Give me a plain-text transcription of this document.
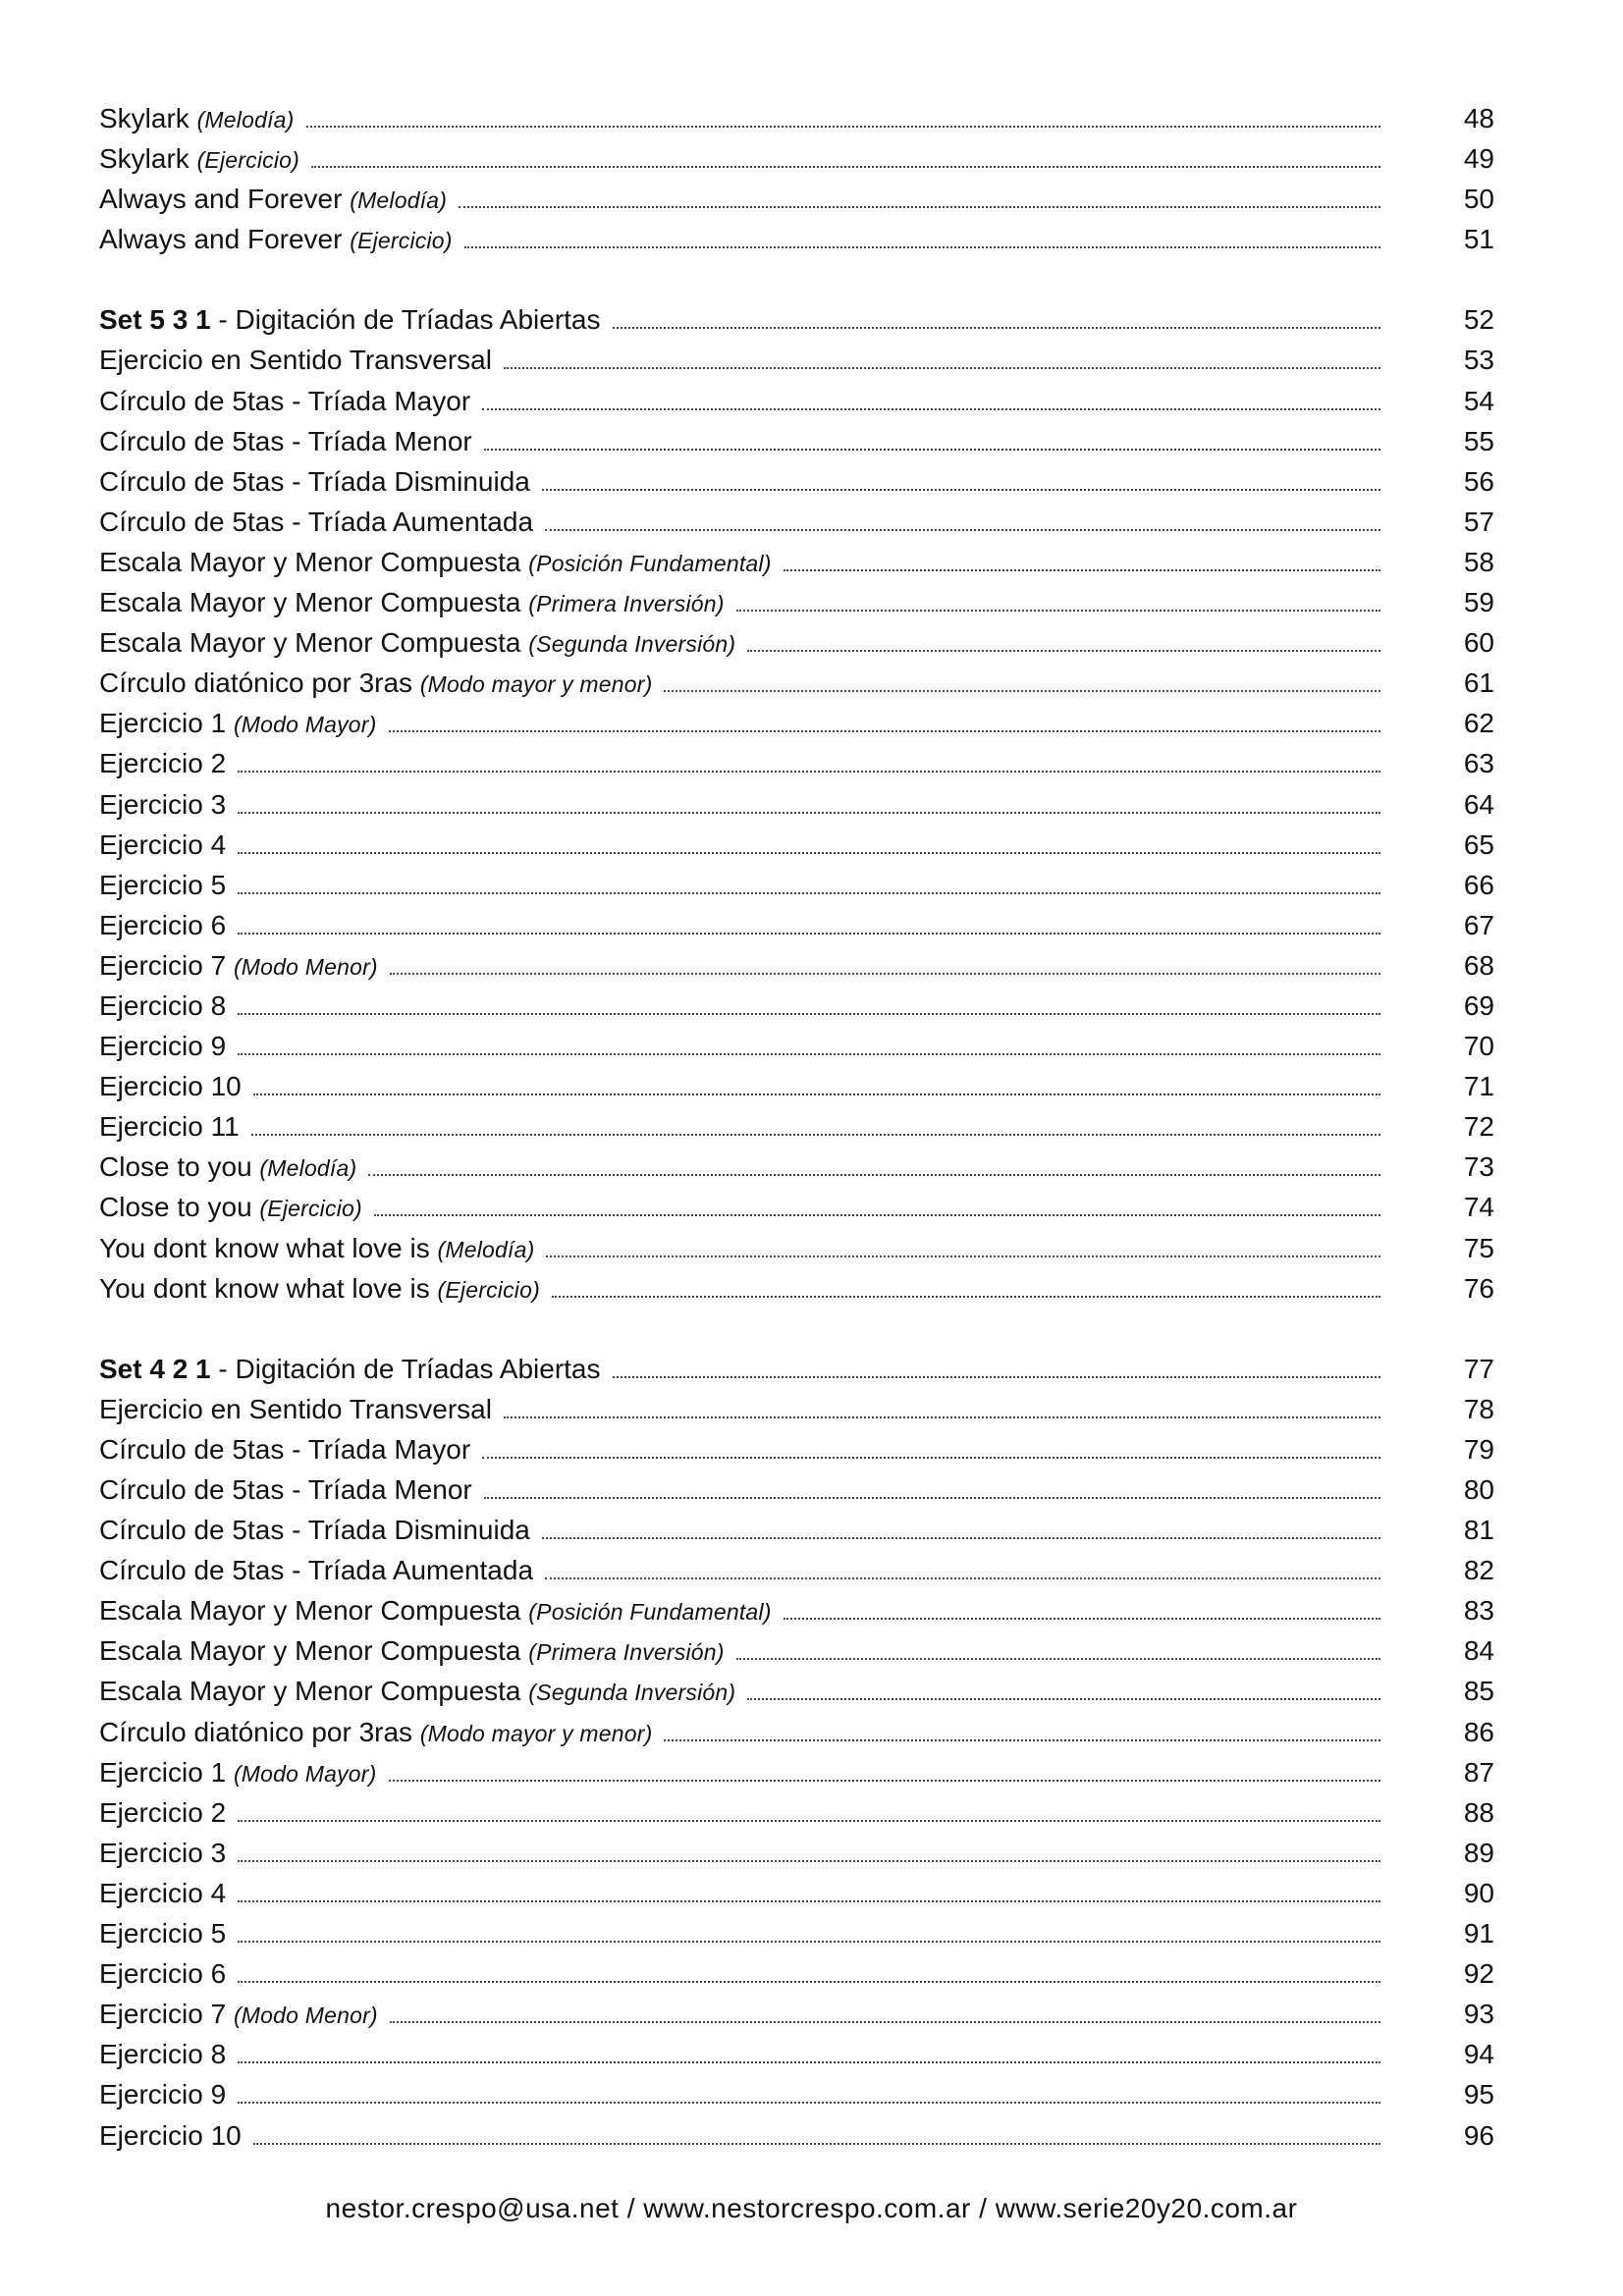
Skylark (Melodía)	48
Skylark (Ejercicio)	49
Always and Forever (Melodía)	50
Always and Forever (Ejercicio)	51
Set 5 3 1 - Digitación de Tríadas Abiertas	52
Ejercicio en Sentido Transversal	53
Círculo de 5tas - Tríada Mayor	54
Círculo de 5tas - Tríada Menor	55
Círculo de 5tas - Tríada Disminuida	56
Círculo de 5tas - Tríada Aumentada	57
Escala Mayor y Menor Compuesta (Posición Fundamental)	58
Escala Mayor y Menor Compuesta (Primera Inversión)	59
Escala Mayor y Menor Compuesta (Segunda Inversión)	60
Círculo diatónico por 3ras (Modo mayor y menor)	61
Ejercicio 1 (Modo Mayor)	62
Ejercicio 2	63
Ejercicio 3	64
Ejercicio 4	65
Ejercicio 5	66
Ejercicio 6	67
Ejercicio 7 (Modo Menor)	68
Ejercicio 8	69
Ejercicio 9	70
Ejercicio 10	71
Ejercicio 11	72
Close to you (Melodía)	73
Close to you (Ejercicio)	74
You dont know what love is (Melodía)	75
You dont know what love is (Ejercicio)	76
Set 4 2 1 - Digitación de Tríadas Abiertas	77
Ejercicio en Sentido Transversal	78
Círculo de 5tas - Tríada Mayor	79
Círculo de 5tas - Tríada Menor	80
Círculo de 5tas - Tríada Disminuida	81
Círculo de 5tas - Tríada Aumentada	82
Escala Mayor y Menor Compuesta (Posición Fundamental)	83
Escala Mayor y Menor Compuesta (Primera Inversión)	84
Escala Mayor y Menor Compuesta (Segunda Inversión)	85
Círculo diatónico por 3ras (Modo mayor y menor)	86
Ejercicio 1 (Modo Mayor)	87
Ejercicio 2	88
Ejercicio 3	89
Ejercicio 4	90
Ejercicio 5	91
Ejercicio 6	92
Ejercicio 7 (Modo Menor)	93
Ejercicio 8	94
Ejercicio 9	95
Ejercicio 10	96
nestor.crespo@usa.net / www.nestorcrespo.com.ar / www.serie20y20.com.ar
